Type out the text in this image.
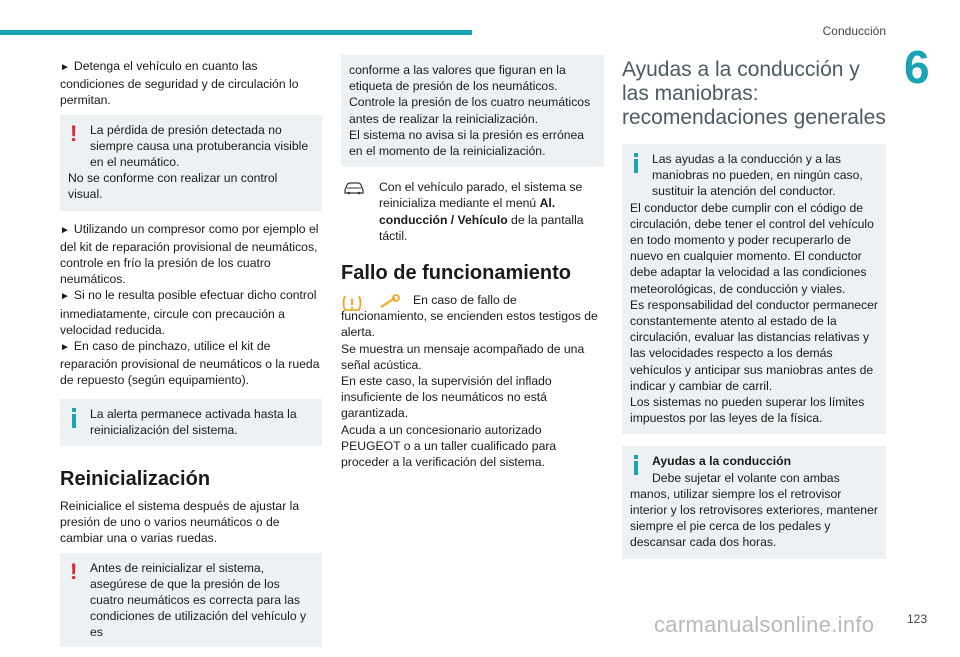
Conducción
6
123
carmanualsonline.info

► Detenga el vehículo en cuanto las condiciones de seguridad y de circulación lo permitan.

!	La pérdida de presión detectada no siempre causa una protuberancia visible en el neumático.

No se conforme con realizar un control visual.

► Utilizando un compresor como por ejemplo el del kit de reparación provisional de neumáticos, controle en frío la presión de los cuatro neumáticos.

► Si no le resulta posible efectuar dicho control inmediatamente, circule con precaución a velocidad reducida.

► En caso de pinchazo, utilice el kit de reparación provisional de neumáticos o la rueda de repuesto (según equipamiento).

La alerta permanece activada hasta la reinicialización del sistema.

Reinicialización

Reinicialice el sistema después de ajustar la presión de uno o varios neumáticos o de cambiar una o varias ruedas.

!	Antes de reinicializar el sistema, asegúrese de que la presión de los cuatro neumáticos es correcta para las condiciones de utilización del vehículo y es

conforme a las valores que figuran en la etiqueta de presión de los neumáticos.

Controle la presión de los cuatro neumáticos antes de realizar la reinicialización.

El sistema no avisa si la presión es errónea en el momento de la reinicialización.

Con el vehículo parado, el sistema se reinicializa mediante el menú Al. conducción / Vehículo de la pantalla táctil.
Fallo de funcionamiento

En caso de fallo de funcionamiento, se encienden estos testigos de alerta.

Se muestra un mensaje acompañado de una señal acústica.

En este caso, la supervisión del inflado insuficiente de los neumáticos no está garantizada.

Acuda a un concesionario autorizado PEUGEOT o a un taller cualificado para proceder a la verificación del sistema.

Ayudas a la conducción y las maniobras: recomendaciones generales

Las ayudas a la conducción y a las maniobras no pueden, en ningún caso, sustituir la atención del conductor.

El conductor debe cumplir con el código de circulación, debe tener el control del vehículo en todo momento y poder recuperarlo de nuevo en cualquier momento. El conductor debe adaptar la velocidad a las condiciones meteorológicas, de conducción y viales.

Es responsabilidad del conductor permanecer constantemente atento al estado de la circulación, evaluar las distancias relativas y las velocidades respecto a los demás vehículos y anticipar sus maniobras antes de indicar y cambiar de carril.

Los sistemas no pueden superar los límites impuestos por las leyes de la física.

Ayudas a la conducción

Debe sujetar el volante con ambas manos, utilizar siempre los el retrovisor interior y los retrovisores exteriores, mantener siempre el pie cerca de los pedales y descansar cada dos horas.
